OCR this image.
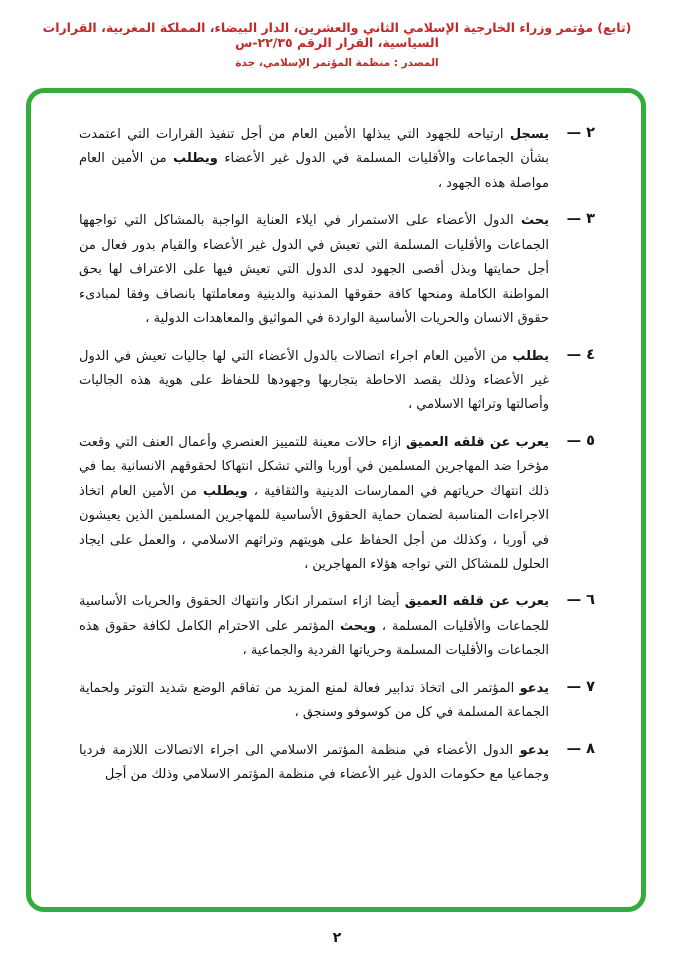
(تابع) مؤتمر وزراء الخارجية الإسلامي الثاني والعشرين، الدار البيضاء، المملكة المغربية، القرارات السياسية، القرار الرقم ٢٢/٣٥-س
المصدر : منظمة المؤتمر الإسلامي، جدة
٢ —

يسجل ارتياحه للجهود التي يبذلها الأمين العام من أجل تنفيذ القرارات التي اعتمدت بشأن الجماعات والأقليات المسلمة في الدول غير الأعضاء ويطلب من الأمين العام مواصلة هذه الجهود ،

٣ —

يحث الدول الأعضاء على الاستمرار في ايلاء العناية الواجبة بالمشاكل التي تواجهها الجماعات والأقليات المسلمة التي تعيش في الدول غير الأعضاء والقيام بدور فعال من أجل حمايتها وبذل أقصى الجهود لدى الدول التي تعيش فيها على الاعتراف لها بحق المواطنة الكاملة ومنحها كافة حقوقها المدنية والدينية ومعاملتها بانصاف وفقا لمبادىء حقوق الانسان والحريات الأساسية الواردة في المواثيق والمعاهدات الدولية ،

٤ —

يطلب من الأمين العام اجراء اتصالات بالدول الأعضاء التي لها جاليات تعيش في الدول غير الأعضاء وذلك بقصد الاحاطة بتجاربها وجهودها للحفاظ على هوية هذه الجاليات وأصالتها وتراثها الاسلامي ،

٥ —

يعرب عن قلقه العميق ازاء حالات معينة للتمييز العنصري وأعمال العنف التي وقعت مؤخرا ضد المهاجرين المسلمين في أوربا والتي تشكل انتهاكا لحقوقهم الانسانية بما في ذلك انتهاك حرياتهم في الممارسات الدينية والثقافية ، ويطلب من الأمين العام اتخاذ الاجراءات المناسبة لضمان حماية الحقوق الأساسية للمهاجرين المسلمين الذين يعيشون في أوربا ، وكذلك من أجل الحفاظ على هويتهم وتراثهم الاسلامي ، والعمل على ايجاد الحلول للمشاكل التي تواجه هؤلاء المهاجرين ،

٦ —

يعرب عن قلقه العميق أيضا ازاء استمرار انكار وانتهاك الحقوق والحريات الأساسية للجماعات والأقليات المسلمة ، ويحث المؤتمر على الاحترام الكامل لكافة حقوق هذه الجماعات والأقليات المسلمة وحرياتها الفردية والجماعية ،

٧ —

يدعو المؤتمر الى اتخاذ تدابير فعالة لمنع المزيد من تفاقم الوضع شديد التوتر ولحماية الجماعة المسلمة في كل من كوسوفو وسنجق ،

٨ —

يدعو الدول الأعضاء في منظمة المؤتمر الاسلامي الى اجراء الاتصالات اللازمة فرديا وجماعيا مع حكومات الدول غير الأعضاء في منظمة المؤتمر الاسلامي وذلك من أجل

٢
